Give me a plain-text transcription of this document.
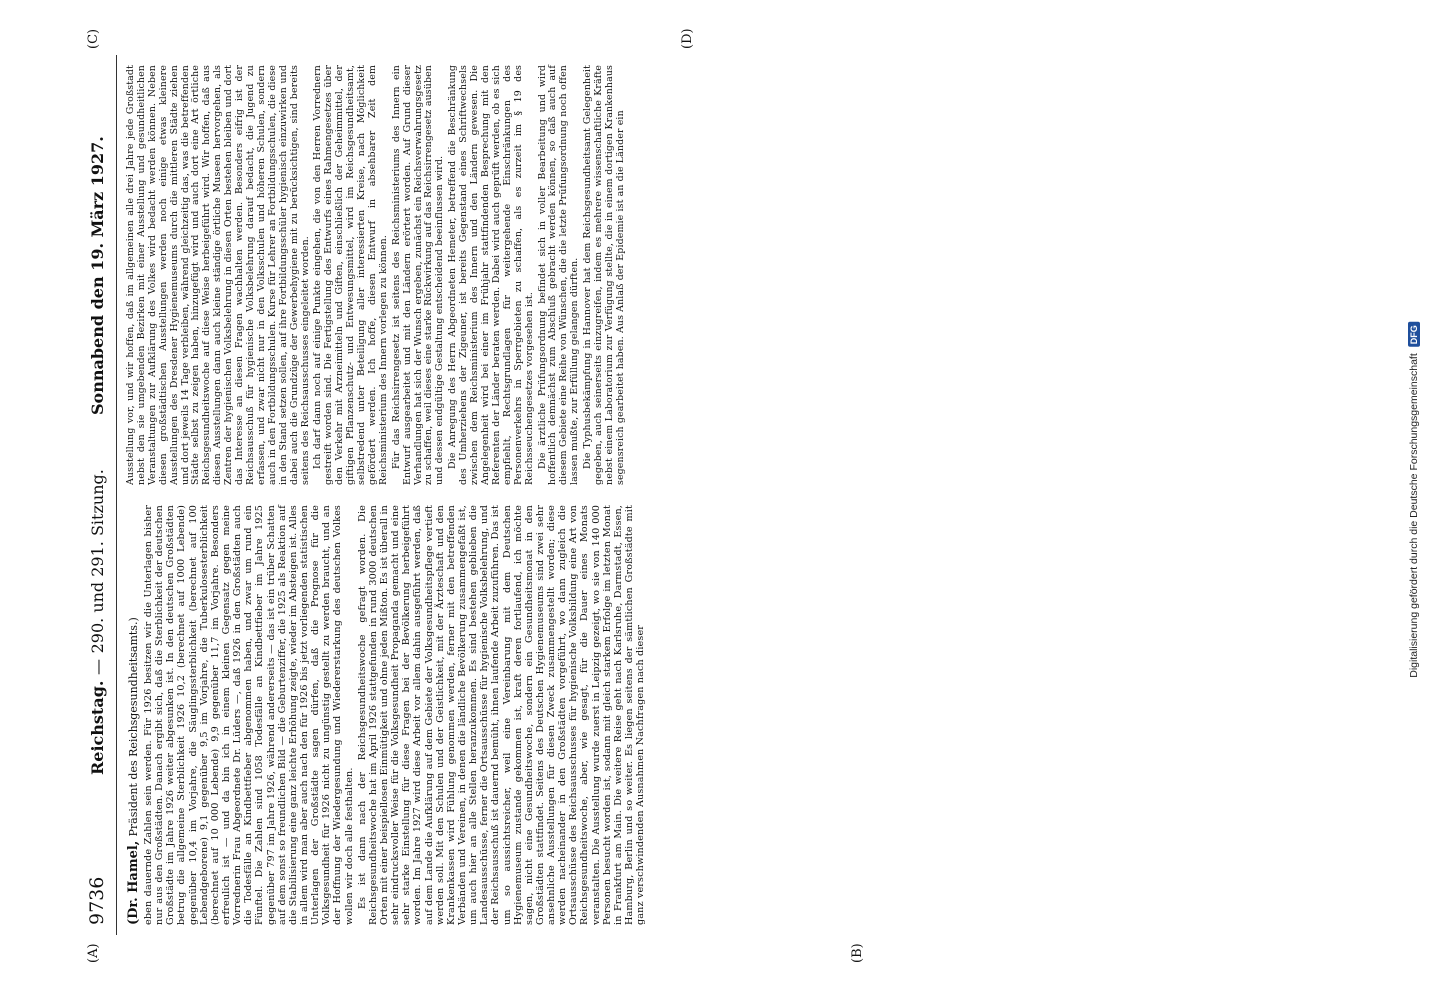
9736
Reichstag. — 290. und 291. Sitzung.
Sonnabend den 19. März 1927.
(A)	(B)
(C)	(D)

(Dr. Hamel, Präsident des Reichsgesundheitsamts.) eben dauernde Zahlen sein werden. Für 1926 besitzen wir die Unterlagen bisher nur aus den Großstädten. Danach ergibt sich, daß die Sterblichkeit der deutschen Großstädte im Jahre 1926 weiter abgesunken ist. In den deutschen Großstädten betrug die allgemeine Sterblichkeit 1926 10,2 (berechnet auf 1000 Lebende) gegenüber 10,4 im Vorjahre, die Säuglingssterblichkeit (berechnet auf 100 Lebendgeborene) 9,1 gegenüber 9,5 im Vorjahre, die Tuberkulosesterblichkeit (berechnet auf 10 000 Lebende) 9,9 gegenüber 11,7 im Vorjahre. Besonders erfreulich ist — und da bin ich in einem kleinen Gegensatz gegen meine Vorrednerin Frau Abgeordnete Dr. Lüders —, daß 1926 in den Großstädten auch die Todesfälle an Kindbettfieber abgenommen haben, und zwar um rund ein Fünftel. Die Zahlen sind 1058 Todesfälle an Kindbettfieber im Jahre 1925 gegenüber 797 im Jahre 1926, während andererseits — das ist ein trüber Schatten auf dem sonst so freundlichen Bild — die Geburtenziffer, die 1925 als Reaktion auf die Stabilisierung eine ganz leichte Erhöhung zeigte, wieder im Absteigen ist. Alles in allem wird man aber auch nach den für 1926 bis jetzt vorliegenden statistischen Unterlagen der Großstädte sagen dürfen, daß die Prognose für die Volksgesundheit für 1926 nicht zu ungünstig gestellt zu werden braucht, und an der Hoffnung der Wiedergesundung und Wiedererstarkung des deutschen Volkes wollen wir doch alle festhalten. Es ist dann nach der Reichsgesundheitswoche gefragt worden. Die Reichsgesundheitswoche hat im April 1926 stattgefunden in rund 3000 deutschen Orten mit einer beispiellosen Einmütigkeit und ohne jeden Mißton. Es ist überall in sehr eindrucksvoller Weise für die Volksgesundheit Propaganda gemacht und eine sehr starke Einstellung für diese Fragen bei der Bevölkerung herbeigeführt worden. Im Jahre 1927 wird diese Arbeit vor allem dahin ausgeführt werden, daß auf dem Lande die Aufklärung auf dem Gebiete der Volksgesundheitspflege vertieft werden soll. Mit den Schulen und der Geistlichkeit, mit der Ärzteschaft und den Krankenkassen wird Fühlung genommen werden, ferner mit den betreffenden Verbänden und Vereinen, in denen die ländliche Bevölkerung zusammengefaßt ist, um auch hier an alle Stellen heranzukommen. Es sind bestehen geblieben die Landesausschüsse, ferner die Ortsausschüsse für hygienische Volksbelehrung, und der Reichsausschuß ist dauernd bemüht, ihnen laufende Arbeit zuzuführen. Das ist um so aussichtsreicher, weil eine Vereinbarung mit dem Deutschen Hygienemuseum zustande gekommen ist, kraft deren fortlaufend, ich möchte sagen, nicht eine Gesundheitswoche, sondern ein Gesundheitsmonat in den Großstädten stattfindet. Seitens des Deutschen Hygienemuseums sind zwei sehr ansehnliche Ausstellungen für diesen Zweck zusammengestellt worden; diese werden nacheinander in den Großstädten vorgeführt, wo dann zugleich die Ortsausschüsse des Reichsausschusses für hygienische Volksbildung eine Art von Reichsgesundheitswoche, aber, wie gesagt, für die Dauer eines Monats veranstalten. Die Ausstellung wurde zuerst in Leipzig gezeigt, wo sie von 140 000 Personen besucht worden ist, sodann mit gleich starkem Erfolge im letzten Monat in Frankfurt am Main. Die weitere Reise geht nach Karlsruhe, Darmstadt, Essen, Hamburg, Berlin und so weiter. Es liegen seitens der sämtlichen Großstädte mit ganz verschwindenden Ausnahmen Nachfragen nach dieser

Ausstellung vor, und wir hoffen, daß im allgemeinen alle drei Jahre jede Großstadt nebst den sie umgebenden Bezirken mit einer Ausstellung und gesundheitlichen Veranstaltungen zur Aufklärung des Volkes wird bedacht werden können. Neben diesen großstädtischen Ausstellungen werden noch einige etwas kleinere Ausstellungen des Dresdener Hygienemuseums durch die mittleren Städte ziehen und dort jeweils 14 Tage verbleiben, während gleichzeitig das, was die betreffenden Städte selbst zu zeigen haben, hinzugefügt wird und auch dort eine Art örtliche Reichsgesundheitswoche auf diese Weise herbeigeführt wird. Wir hoffen, daß aus diesen Ausstellungen dann auch kleine ständige örtliche Museen hervorgehen, als Zentren der hygienischen Volksbelehrung in diesen Orten bestehen bleiben und dort das Interesse an diesen Fragen wachhalten werden. Besonders eifrig ist der Reichsausschuß für hygienische Volksbelehrung darauf bedacht, die Jugend zu erfassen, und zwar nicht nur in den Volksschulen und höheren Schulen, sondern auch in den Fortbildungsschulen. Kurse für Lehrer an Fortbildungsschulen, die diese in den Stand setzen sollen, auf ihre Fortbildungsschüler hygienisch einzuwirken und dabei auch die Grundzüge der Gewerbehygiene mit zu berücksichtigen, sind bereits seitens des Reichsausschusses eingeleitet worden. Ich darf dann noch auf einige Punkte eingehen, die von den Herren Vorrednern gestreift worden sind. Die Fertigstellung des Entwurfs eines Rahmengesetzes über den Verkehr mit Arzneimitteln und Giften, einschließlich der Geheimmittel, der giftigen Pflanzenschutz- und Entwesungsmittel, wird im Reichsgesundheitsamt, selbstredend unter Beteiligung aller interessierten Kreise, nach Möglichkeit gefördert werden. Ich hoffe, diesen Entwurf in absehbarer Zeit dem Reichsministerium des Innern vorlegen zu können. Für das Reichsirrengesetz ist seitens des Reichsministeriums des Innern ein Entwurf ausgearbeitet und mit den Ländern erörtert worden. Auf Grund dieser Verhandlungen hat sich der Wunsch ergeben, zunächst ein Reichsverwahrungsgesetz zu schaffen, weil dieses eine starke Rückwirkung auf das Reichsirrengesetz ausüben und dessen endgültige Gestaltung entscheidend beeinflussen wird. Die Anregung des Herrn Abgeordneten Hemeter, betreffend die Beschränkung des Umherziehens der Zigeuner, ist bereits Gegenstand eines Schriftwechsels zwischen dem Reichsministerium des Innern und den Ländern gewesen. Die Angelegenheit wird bei einer im Frühjahr stattfindenden Besprechung mit den Referenten der Länder beraten werden. Dabei wird auch geprüft werden, ob es sich empfiehlt, Rechtsgrundlagen für weitergehende Einschränkungen des Personenverkehrs in Sperrgebieten zu schaffen, als es zurzeit im § 19 des Reichsseuchengesetzes vorgesehen ist. Die ärztliche Prüfungsordnung befindet sich in voller Bearbeitung und wird hoffentlich demnächst zum Abschluß gebracht werden können, so daß auch auf diesem Gebiete eine Reihe von Wünschen, die die letzte Prüfungsordnung noch offen lassen mußte, zur Erfüllung gelangen dürften. Die Typhusbekämpfung in Hannover hat dem Reichsgesundheitsamt Gelegenheit gegeben, auch seinerseits einzugreifen, indem es mehrere wissenschaftliche Kräfte nebst einem Laboratorium zur Verfügung stellte, die in einem dortigen Krankenhaus segensreich gearbeitet haben. Aus Anlaß der Epidemie ist an die Länder ein

Digitalisierung gefördert durch die Deutsche Forschungsgemeinschaft
DFG
